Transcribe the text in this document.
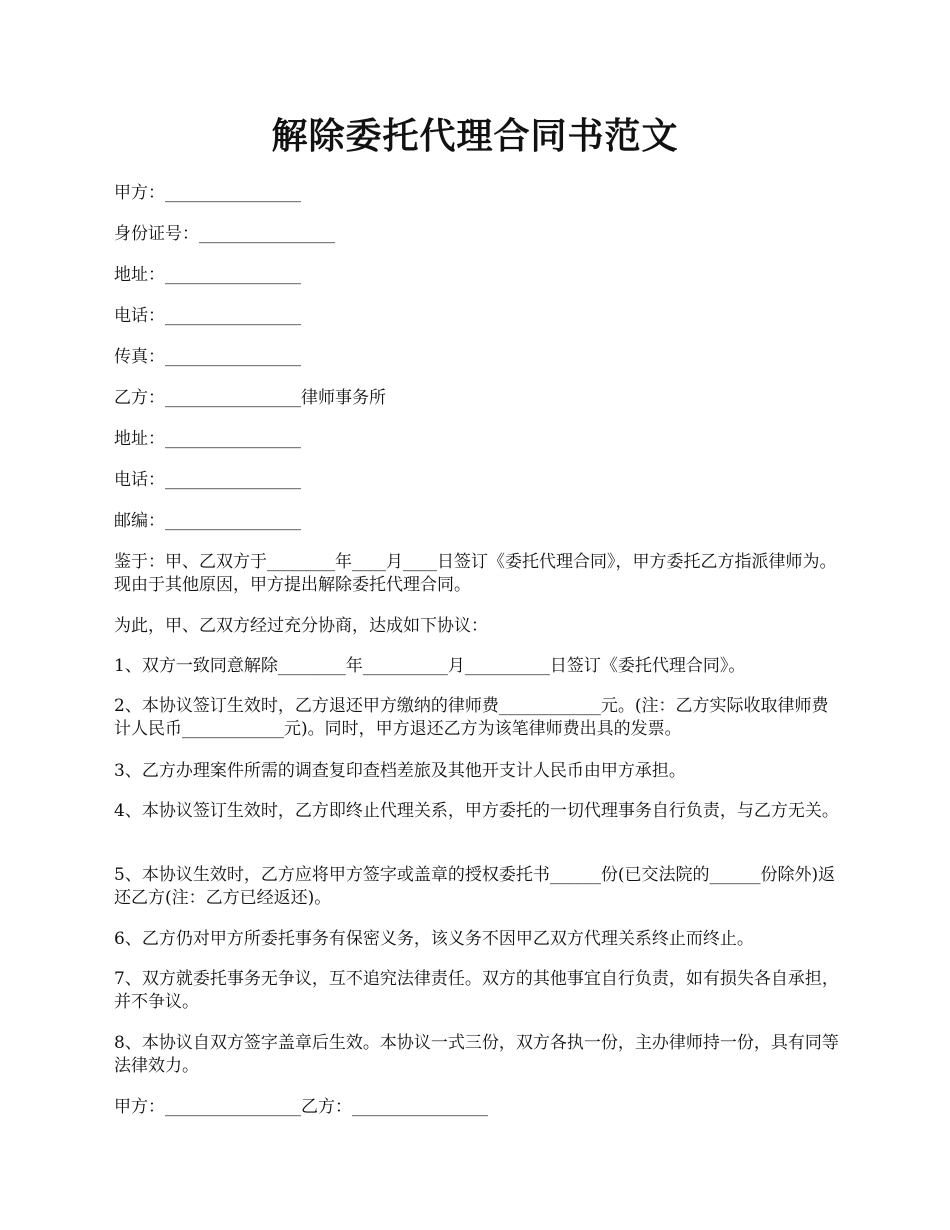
解除委托代理合同书范文
甲方：________________
身份证号：________________
地址：________________
电话：________________
传真：________________
乙方：________________律师事务所
地址：________________
电话：________________
邮编：________________
鉴于：甲、乙双方于________年____月____日签订《委托代理合同》，甲方委托乙方指派律师为。现由于其他原因，甲方提出解除委托代理合同。
为此，甲、乙双方经过充分协商，达成如下协议：
1、双方一致同意解除________年__________月__________日签订《委托代理合同》。
2、本协议签订生效时，乙方退还甲方缴纳的律师费____________元。(注：乙方实际收取律师费计人民币____________元)。同时，甲方退还乙方为该笔律师费出具的发票。
3、乙方办理案件所需的调查复印查档差旅及其他开支计人民币由甲方承担。
4、本协议签订生效时，乙方即终止代理关系，甲方委托的一切代理事务自行负责，与乙方无关。
5、本协议生效时，乙方应将甲方签字或盖章的授权委托书______份(已交法院的______份除外)返还乙方(注：乙方已经返还)。
6、乙方仍对甲方所委托事务有保密义务，该义务不因甲乙双方代理关系终止而终止。
7、双方就委托事务无争议，互不追究法律责任。双方的其他事宜自行负责，如有损失各自承担，并不争议。
8、本协议自双方签字盖章后生效。本协议一式三份，双方各执一份，主办律师持一份，具有同等法律效力。
甲方：________________乙方：________________
